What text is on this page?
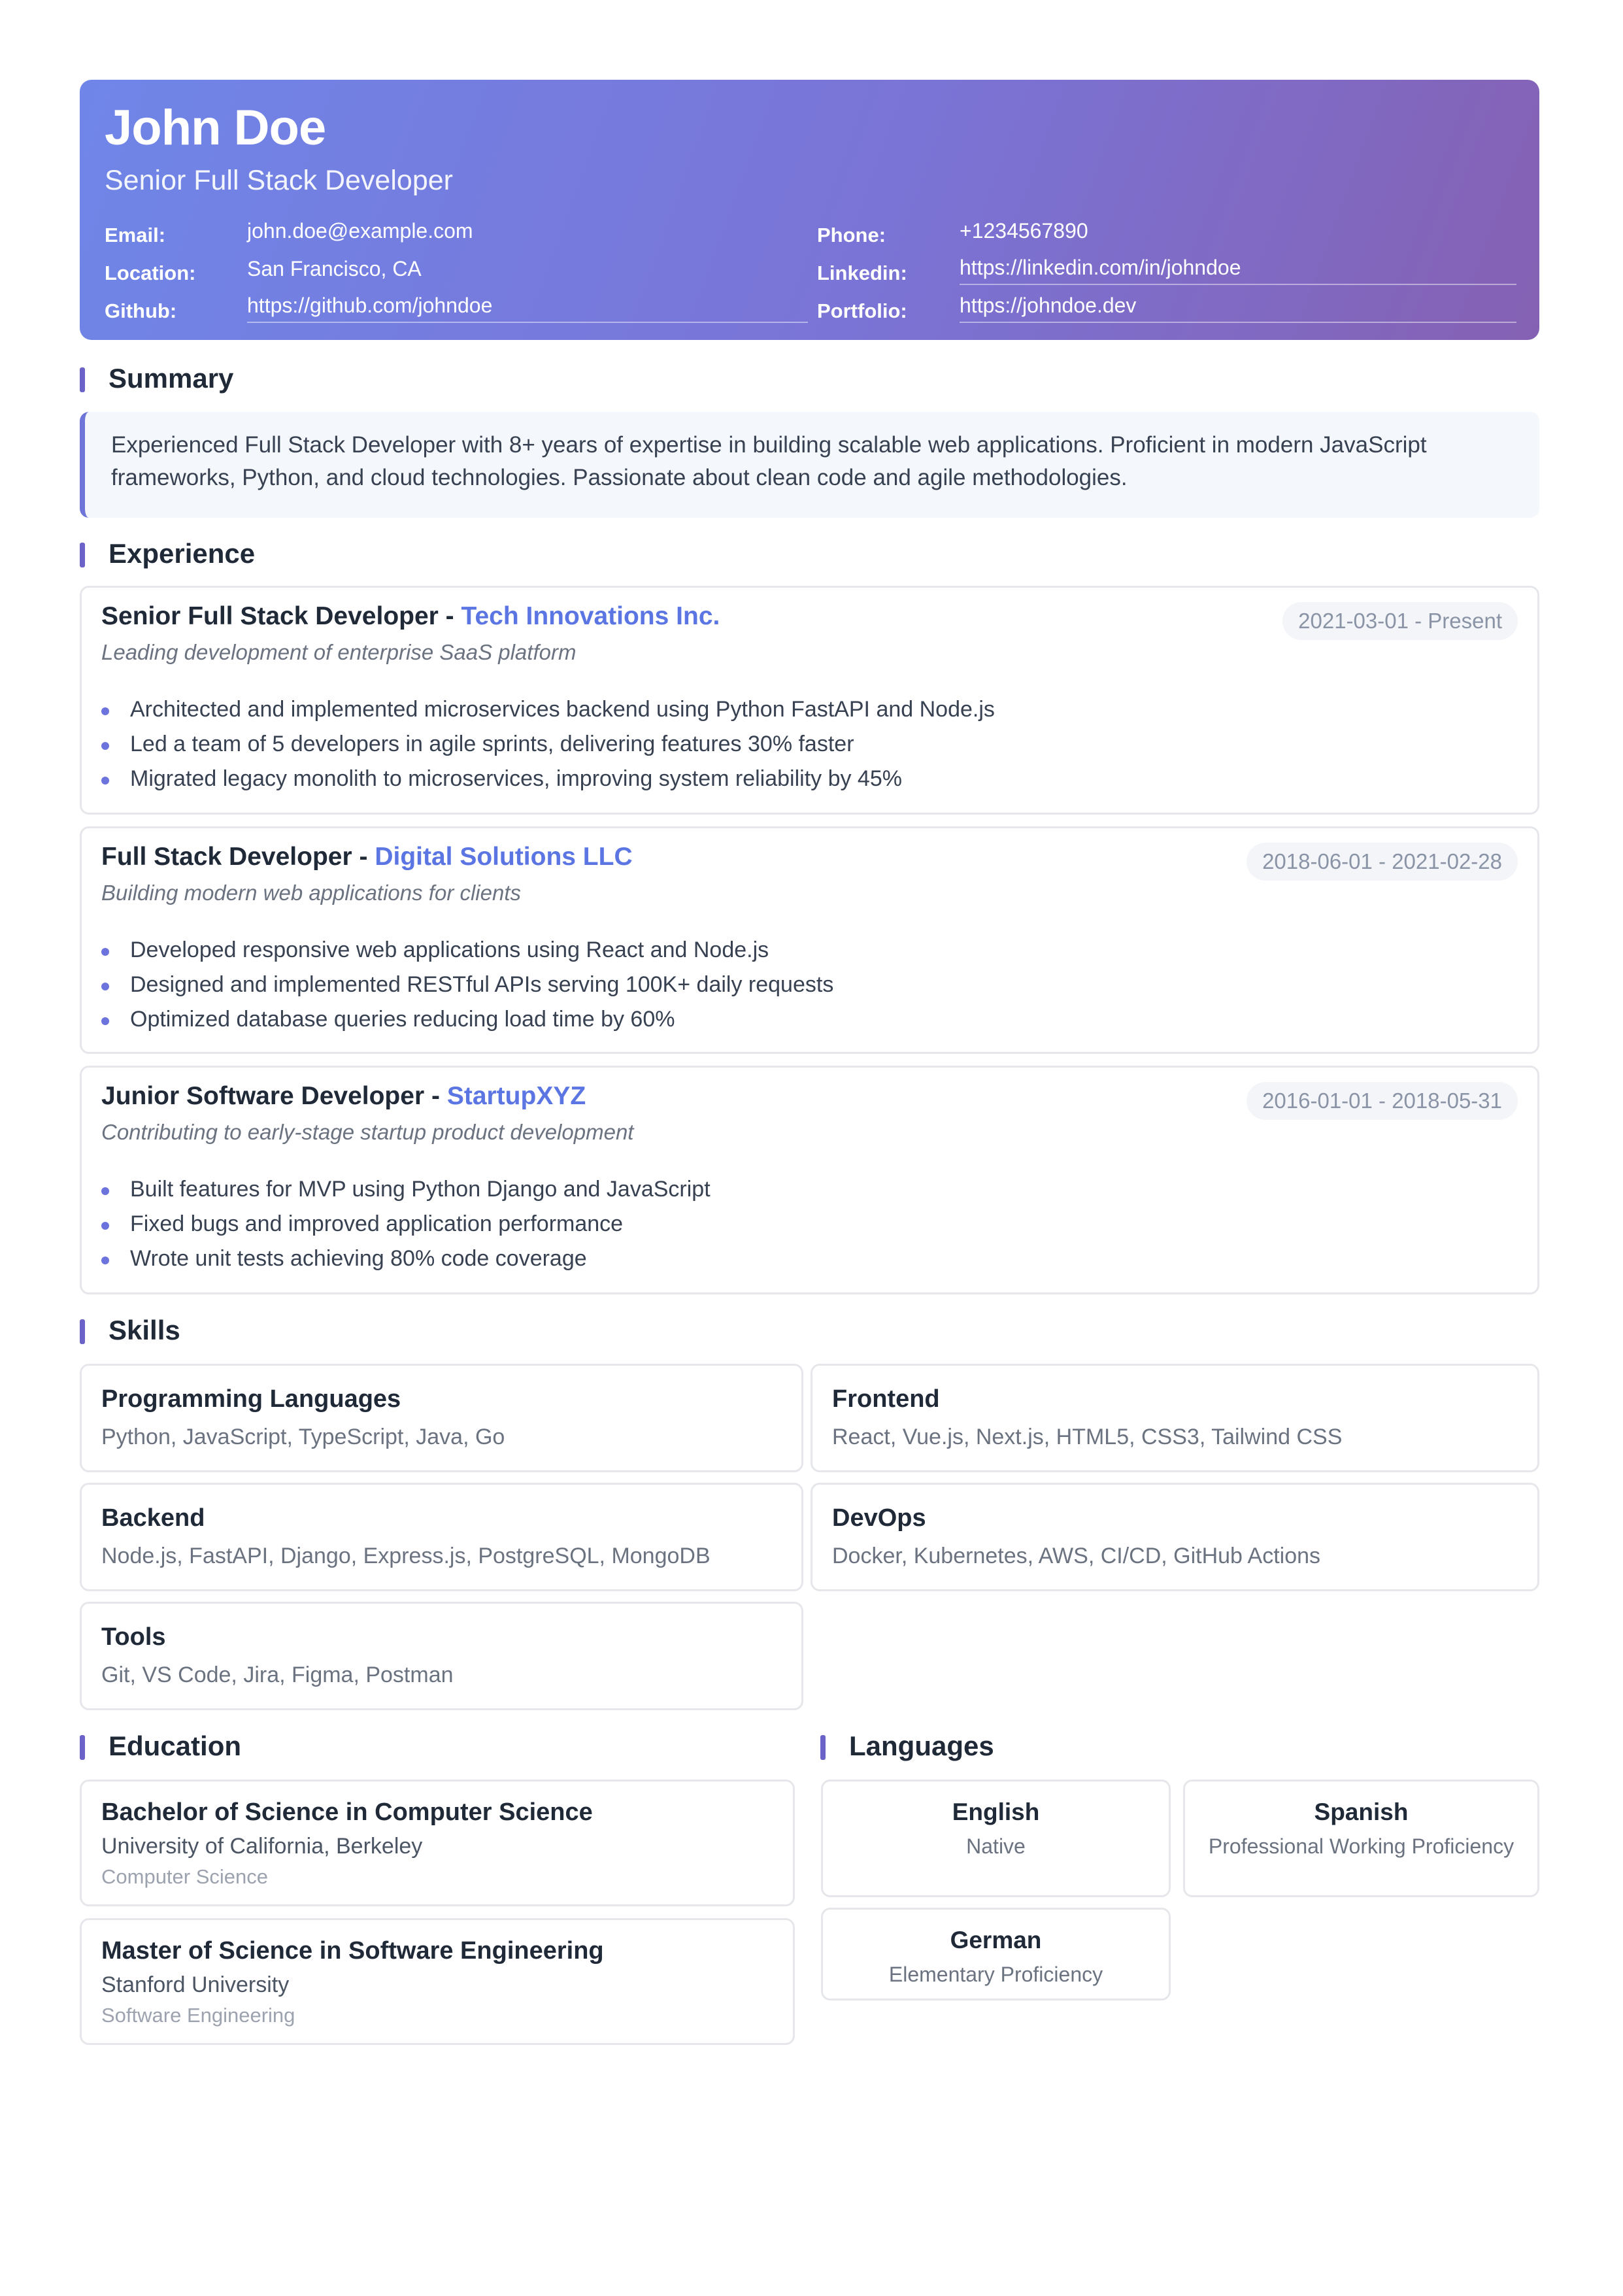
John Doe
Senior Full Stack Developer
Email:	john.doe@example.com	Phone:	+1234567890
Location:	San Francisco, CA	Linkedin:	https://linkedin.com/in/johndoe
Github:	https://github.com/johndoe	Portfolio:	https://johndoe.dev
Summary
Experienced Full Stack Developer with 8+ years of expertise in building scalable web applications. Proficient in modern JavaScript frameworks, Python, and cloud technologies. Passionate about clean code and agile methodologies.
Experience
Senior Full Stack Developer - Tech Innovations Inc.
Leading development of enterprise SaaS platform
2021-03-01 - Present
Architected and implemented microservices backend using Python FastAPI and Node.js
Led a team of 5 developers in agile sprints, delivering features 30% faster
Migrated legacy monolith to microservices, improving system reliability by 45%
Full Stack Developer - Digital Solutions LLC
Building modern web applications for clients
2018-06-01 - 2021-02-28
Developed responsive web applications using React and Node.js
Designed and implemented RESTful APIs serving 100K+ daily requests
Optimized database queries reducing load time by 60%
Junior Software Developer - StartupXYZ
Contributing to early-stage startup product development
2016-01-01 - 2018-05-31
Built features for MVP using Python Django and JavaScript
Fixed bugs and improved application performance
Wrote unit tests achieving 80% code coverage
Skills
Programming Languages
Python, JavaScript, TypeScript, Java, Go
Frontend
React, Vue.js, Next.js, HTML5, CSS3, Tailwind CSS
Backend
Node.js, FastAPI, Django, Express.js, PostgreSQL, MongoDB
DevOps
Docker, Kubernetes, AWS, CI/CD, GitHub Actions
Tools
Git, VS Code, Jira, Figma, Postman
Education
Bachelor of Science in Computer Science
University of California, Berkeley
Computer Science
Master of Science in Software Engineering
Stanford University
Software Engineering
Languages
English
Native
Spanish
Professional Working Proficiency
German
Elementary Proficiency
